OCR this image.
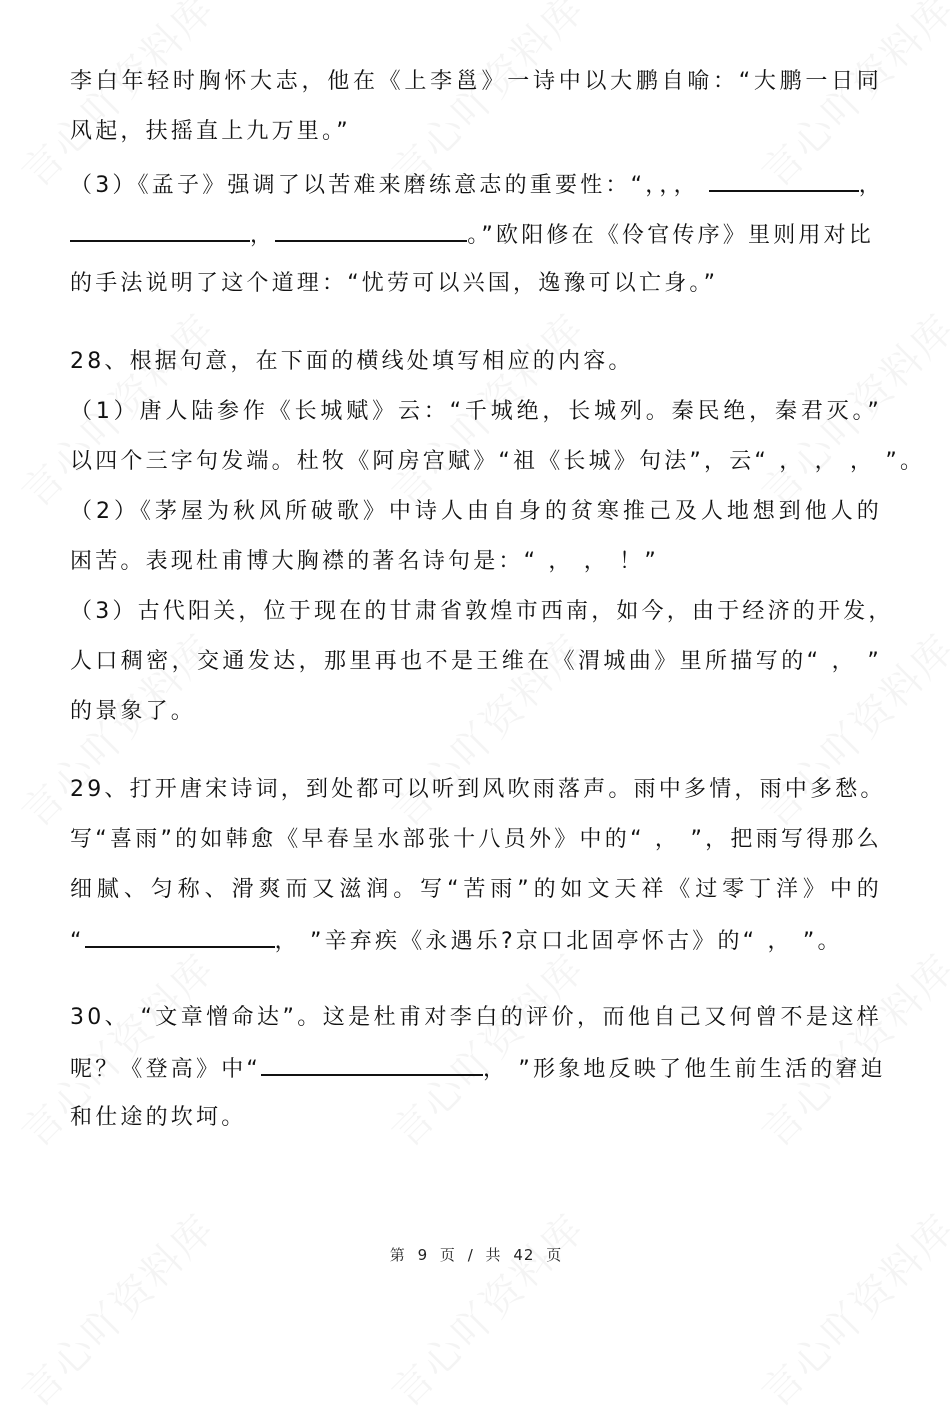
李白年轻时胸怀大志，他在《上李邕》一诗中以大鹏自喻：“大鹏一日同
风起，扶摇直上九万里。”
（3）《孟子》强调了以苦难来磨练意志的重要性：“，，，	，
，	。”欧阳修在《伶官传序》里则用对比
的手法说明了这个道理：“忧劳可以兴国，逸豫可以亡身。”
28、根据句意，在下面的横线处填写相应的内容。
（1）唐人陆参作《长城赋》云：“千城绝，长城列。秦民绝，秦君灭。”
以四个三字句发端。杜牧《阿房宫赋》“祖《长城》句法”，云“ ， ， ， ”。
（2）《茅屋为秋风所破歌》中诗人由自身的贫寒推己及人地想到他人的
困苦。表现杜甫博大胸襟的著名诗句是：“ ， ， ！”
（3）古代阳关，位于现在的甘肃省敦煌市西南，如今，由于经济的开发，
人口稠密，交通发达，那里再也不是王维在《渭城曲》里所描写的“ ， ”
的景象了。
29、打开唐宋诗词，到处都可以听到风吹雨落声。雨中多情，雨中多愁。
写“喜雨”的如韩愈《早春呈水部张十八员外》中的“ ， ”，把雨写得那么
细腻、匀称、滑爽而又滋润。写“苦雨”的如文天祥《过零丁洋》中的
“	， ”辛弃疾《永遇乐?京口北固亭怀古》的“ ， ”。
30、 “文章憎命达”。这是杜甫对李白的评价，而他自己又何曾不是这样
呢？《登高》中“	， ”形象地反映了他生前生活的窘迫
和仕途的坎坷。
第 9 页 / 共 42 页
